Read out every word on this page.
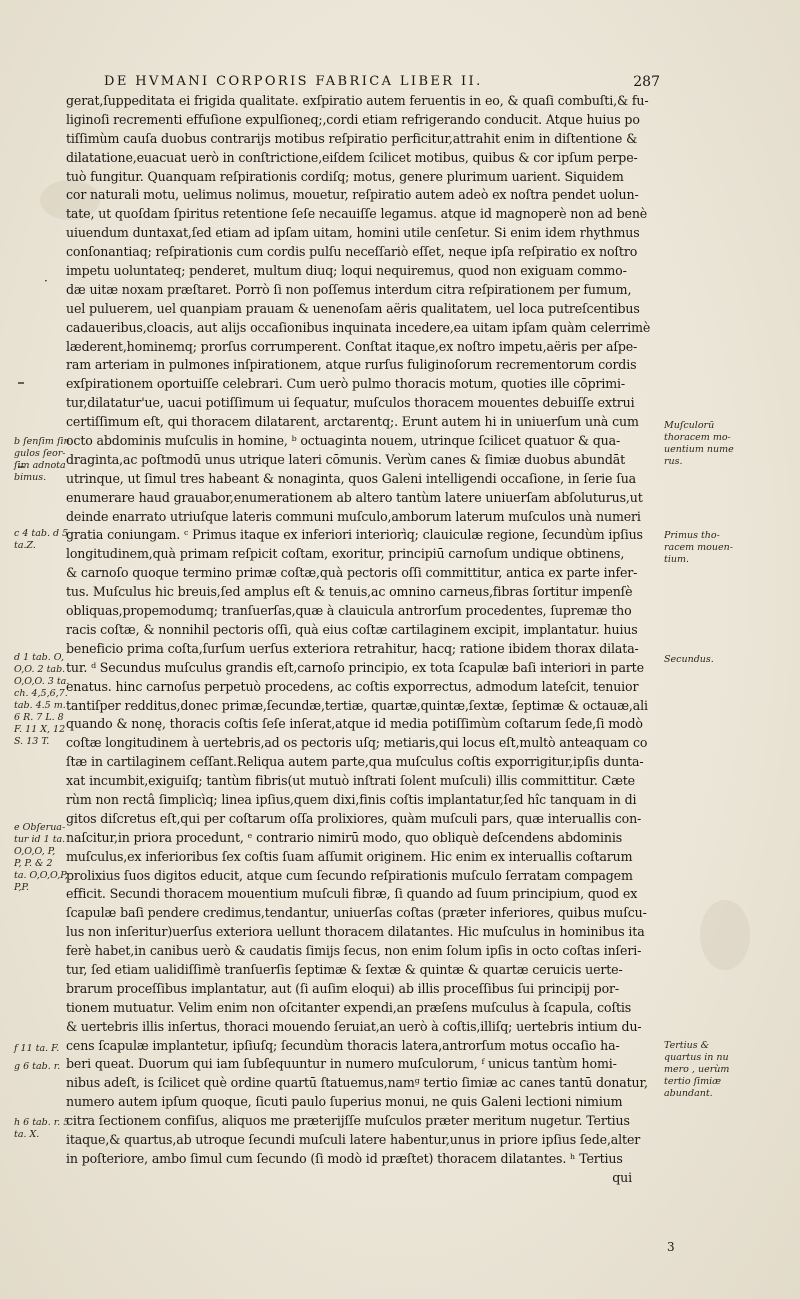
DE HVMANI CORPORIS FABRICA LIBER II.	287
gerat,ſuppeditata ei frigida qualitate. exſpiratio autem feruentis in eo, & quaſi combuſti,& fu-
liginoſi recrementi effuſione expulſioneq;,cordi etiam refrigerando conducit. Atque huius po
tiſſimùm cauſa duobus contrarijs motibus reſpiratio perficitur,attrahit enim in diſtentione &
dilatatione,euacuat uerò in conſtrictione,eiſdem ſcilicet motibus, quibus & cor ipſum perpe-
tuò fungitur. Quanquam reſpirationis cordiſq; motus, genere plurimum uarient. Siquidem
cor naturali motu, uelimus nolimus, mouetur, reſpiratio autem adeò ex noſtra pendet uolun-
tate, ut quoſdam ſpiritus retentione ſeſe necauiſſe legamus. atque id magnoperè non ad benè
uiuendum duntaxat,ſed etiam ad ipſam uitam, homini utile cenſetur. Si enim idem rhythmus
conſonantiaq; reſpirationis cum cordis pulſu neceſſariò eſſet, neque ipſa reſpiratio ex noſtro
impetu uoluntateq; penderet, multum diuq; loqui nequiremus, quod non exiguam commo-
dæ uitæ noxam præſtaret. Porrò ſi non poſſemus interdum citra reſpirationem per fumum,
uel puluerem, uel quanpiam prauam & uenenoſam aëris qualitatem, uel loca putreſcentibus
cadaueribus,cloacis, aut alijs occaſionibus inquinata incedere,ea uitam ipſam quàm celerrimè
læderent,hominemq; prorſus corrumperent. Conſtat itaque,ex noſtro impetu,aëris per aſpe-
ram arteriam in pulmones inſpirationem, atque rurſus fuliginoſorum recrementorum cordis
exſpirationem oportuiſſe celebrari. Cum uerò pulmo thoracis motum, quoties ille cōprimi-
tur,dilatatur'ue, uacui potiſſimum ui ſequatur, muſculos thoracem mouentes debuiſſe extrui
certiſſimum eſt, qui thoracem dilatarent, arctarentq;. Erunt autem hi in uniuerſum unà cum
octo abdominis muſculis in homine, ᵇ octuaginta nouem, utrinque ſcilicet quatuor & qua-
draginta,ac poſtmodū unus utrique lateri cōmunis. Verùm canes & ſimiæ duobus abundāt
utrinque, ut ſimul tres habeant & nonaginta, quos Galeni intelligendi occaſione, in ſerie ſua
enumerare haud grauabor,enumerationem ab altero tantùm latere uniuerſam abſoluturus,ut
deinde enarrato utriuſque lateris communi muſculo,amborum laterum muſculos unà numeri
gratia coniungam. ᶜ Primus itaque ex inferiori interiorìq; clauiculæ regione, ſecundùm ipſius
longitudinem,quà primam reſpicit coſtam, exoritur, principiū carnoſum undique obtinens,
& carnoſo quoque termino primæ coſtæ,quà pectoris oſſi committitur, antica ex parte infer-
tus. Muſculus hic breuis,ſed amplus eſt & tenuis,ac omnino carneus,fibras ſortitur impenſè
obliquas,propemodumq; tranſuerſas,quæ à clauicula antrorſum procedentes, ſupremæ tho
racis coſtæ, & nonnihil pectoris oſſi, quà eius coſtæ cartilaginem excipit, implantatur. huius
beneficio prima coſta,ſurſum uerſus exteriora retrahitur, hacq; ratione ibidem thorax dilata-
tur. ᵈ Secundus muſculus grandis eſt,carnoſo principio, ex tota ſcapulæ baſi interiori in parte
enatus. hinc carnoſus perpetuò procedens, ac coſtis exporrectus, admodum lateſcit, tenuior
tantiſper redditus,donec primæ,ſecundæ,tertiæ, quartæ,quintæ,ſextæ, ſeptimæ & octauæ,ali
quando & nonę, thoracis coſtis ſeſe inſerat,atque id media potiſſimùm coſtarum ſede,ſi modò
coſtæ longitudinem à uertebris,ad os pectoris uſq; metiaris,qui locus eſt,multò anteaquam co
ſtæ in cartilaginem ceſſant.Reliqua autem parte,qua muſculus coſtis exporrigitur,ipſis dunta-
xat incumbit,exiguiſq; tantùm fibris(ut mutuò inſtrati ſolent muſculi) illis committitur. Cæte
rùm non rectâ ſimplicìq; linea ipſius,quem dixi,finis coſtis implantatur,ſed hîc tanquam in di
gitos diſcretus eſt,qui per coſtarum oſſa prolixiores, quàm muſculi pars, quæ interuallis con-
naſcitur,in priora procedunt, ᵉ contrario nimirū modo, quo obliquè deſcendens abdominis
muſculus,ex inferioribus ſex coſtis ſuam aſſumit originem. Hic enim ex interuallis coſtarum
prolixius ſuos digitos educit, atque cum ſecundo reſpirationis muſculo ſerratam compagem
efficit. Secundi thoracem mouentium muſculi fibræ, ſi quando ad ſuum principium, quod ex
ſcapulæ baſi pendere credimus,tendantur, uniuerſas coſtas (præter inferiores, quibus muſcu-
lus non inſeritur)uerſus exteriora uellunt thoracem dilatantes. Hic muſculus in hominibus ita
ferè habet,in canibus uerò & caudatis ſimijs ſecus, non enim ſolum ipſis in octo coſtas inſeri-
tur, ſed etiam ualidiſſimè tranſuerſis ſeptimæ & ſextæ & quintæ & quartæ ceruicis uerte-
brarum proceſſibus implantatur, aut (ſi auſim eloqui) ab illis proceſſibus ſui principij por-
tionem mutuatur. Velim enim non oſcitanter expendi,an præſens muſculus à ſcapula, coſtis
& uertebris illis inſertus, thoraci mouendo ſeruiat,an uerò à coſtis,illiſq; uertebris intium du-
cens ſcapulæ implantetur, ipſiuſq; ſecundùm thoracis latera,antrorſum motus occaſio ha-
beri queat. Duorum qui iam ſubſequuntur in numero muſculorum, ᶠ unicus tantùm homi-
nibus adeſt, is ſcilicet què ordine quartū ſtatuemus,namᵍ tertio ſimiæ ac canes tantū donatur,
numero autem ipſum quoque, ſicuti paulo ſuperius monui, ne quis Galeni lectioni nimium
citra ſectionem confiſus, aliquos me præterijſſe muſculos præter meritum nugetur. Tertius
itaque,& quartus,ab utroque ſecundi muſculi latere habentur,unus in priore ipſius ſede,alter
in poſteriore, ambo ſimul cum ſecundo (ſi modò id præſtet) thoracem dilatantes. ʰ Tertius
qui
·
b ſenſim ſin
gulos ſeor-
ſim adnota
bimus.
c 4 tab. d 5
ta.Z.
d 1 tab. O,
O,O. 2 tab.
O,O,O. 3 ta.
ch. 4,5,6,7.
tab. 4.5 m.
6 R. 7 L. 8
F. 11 X, 12
S. 13 T.
e Obſerua-
tur id 1 ta.
O,O,O, P,
P, P. & 2
ta. O,O,O,P,
P,P.
f 11 ta. F.
g 6 tab. r.
h 6 tab. r. 5
ta. X.
Muſculorū
thoracem mo-
uentium nume
rus.
Primus tho-
racem mouen-
tium.
Secundus.
Tertius &
quartus in nu
mero , uerùm
tertio ſimiæ
abundant.
3
